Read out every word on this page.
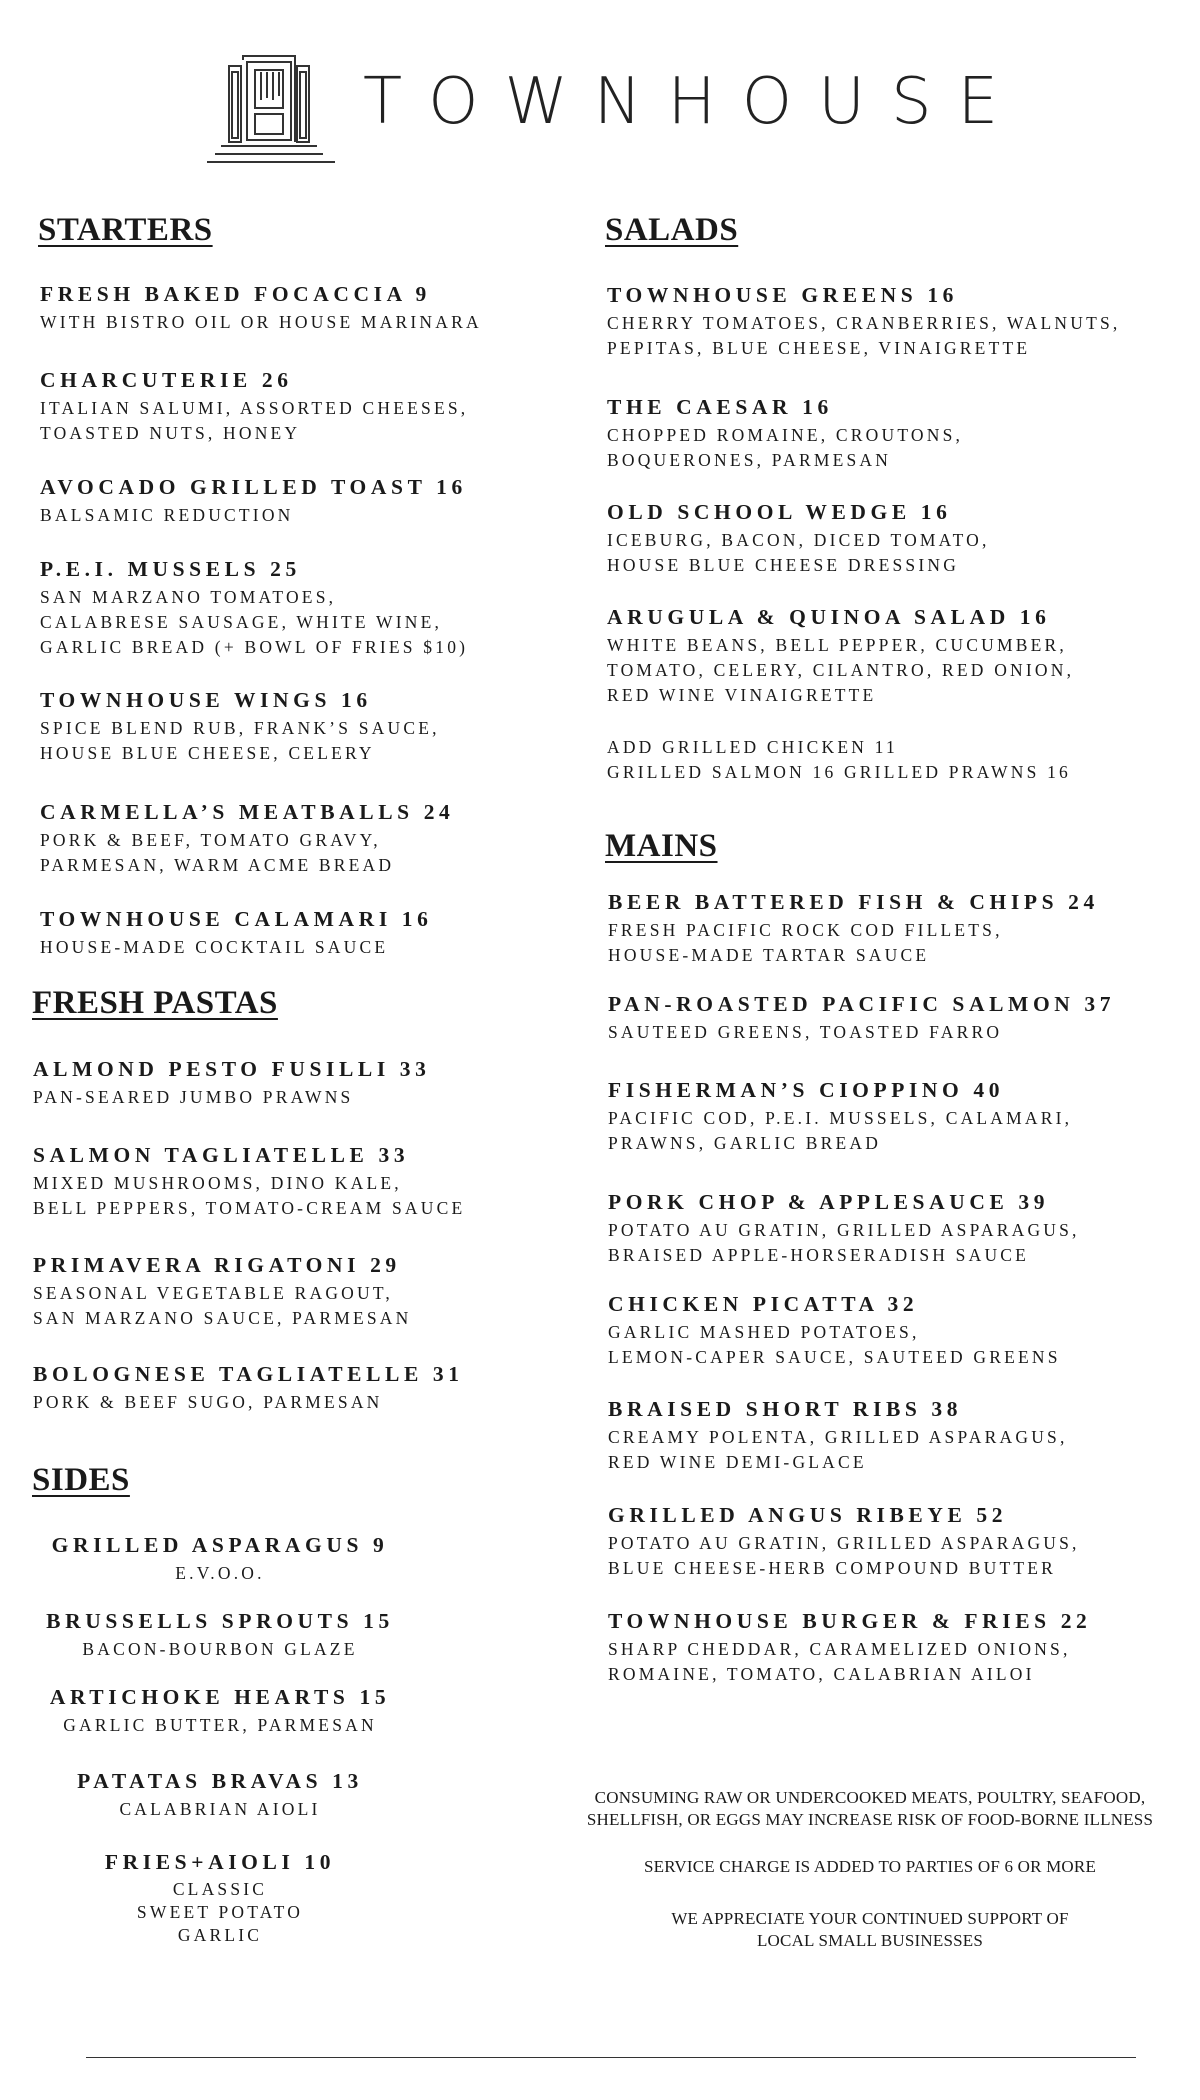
TOWNHOUSE
STARTERS
FRESH BAKED FOCACCIA 9
WITH BISTRO OIL OR HOUSE MARINARA
CHARCUTERIE 26
ITALIAN SALUMI, ASSORTED CHEESES,
TOASTED NUTS, HONEY
AVOCADO GRILLED TOAST 16
BALSAMIC REDUCTION
P.E.I. MUSSELS 25
SAN MARZANO TOMATOES,
CALABRESE SAUSAGE, WHITE WINE,
GARLIC BREAD (+ BOWL OF FRIES $10)
TOWNHOUSE WINGS 16
SPICE BLEND RUB, FRANK’S SAUCE,
HOUSE BLUE CHEESE, CELERY
CARMELLA’S MEATBALLS 24
PORK & BEEF, TOMATO GRAVY,
PARMESAN, WARM ACME BREAD
TOWNHOUSE CALAMARI 16
HOUSE-MADE COCKTAIL SAUCE
FRESH PASTAS
ALMOND PESTO FUSILLI 33
PAN-SEARED JUMBO PRAWNS
SALMON TAGLIATELLE 33
MIXED MUSHROOMS, DINO KALE,
BELL PEPPERS, TOMATO-CREAM SAUCE
PRIMAVERA RIGATONI 29
SEASONAL VEGETABLE RAGOUT,
SAN MARZANO SAUCE, PARMESAN
BOLOGNESE TAGLIATELLE 31
PORK & BEEF SUGO, PARMESAN
SIDES
GRILLED ASPARAGUS 9
E.V.O.O.
BRUSSELLS SPROUTS 15
BACON-BOURBON GLAZE
ARTICHOKE HEARTS 15
GARLIC BUTTER, PARMESAN
PATATAS BRAVAS 13
CALABRIAN AIOLI
FRIES+AIOLI 10
CLASSIC
SWEET POTATO
GARLIC
SALADS
TOWNHOUSE GREENS 16
CHERRY TOMATOES, CRANBERRIES, WALNUTS,
PEPITAS, BLUE CHEESE, VINAIGRETTE
THE CAESAR 16
CHOPPED ROMAINE, CROUTONS,
BOQUERONES, PARMESAN
OLD SCHOOL WEDGE 16
ICEBURG, BACON, DICED TOMATO,
HOUSE BLUE CHEESE DRESSING
ARUGULA & QUINOA SALAD 16
WHITE BEANS, BELL PEPPER, CUCUMBER,
TOMATO, CELERY, CILANTRO, RED ONION,
RED WINE VINAIGRETTE
ADD GRILLED CHICKEN 11
GRILLED SALMON 16 GRILLED PRAWNS 16
MAINS
BEER BATTERED FISH & CHIPS 24
FRESH PACIFIC ROCK COD FILLETS,
HOUSE-MADE TARTAR SAUCE
PAN-ROASTED PACIFIC SALMON 37
SAUTEED GREENS, TOASTED FARRO
FISHERMAN’S CIOPPINO 40
PACIFIC COD, P.E.I. MUSSELS, CALAMARI,
PRAWNS, GARLIC BREAD
PORK CHOP & APPLESAUCE 39
POTATO AU GRATIN, GRILLED ASPARAGUS,
BRAISED APPLE-HORSERADISH SAUCE
CHICKEN PICATTA 32
GARLIC MASHED POTATOES,
LEMON-CAPER SAUCE, SAUTEED GREENS
BRAISED SHORT RIBS 38
CREAMY POLENTA, GRILLED ASPARAGUS,
RED WINE DEMI-GLACE
GRILLED ANGUS RIBEYE 52
POTATO AU GRATIN, GRILLED ASPARAGUS,
BLUE CHEESE-HERB COMPOUND BUTTER
TOWNHOUSE BURGER & FRIES 22
SHARP CHEDDAR, CARAMELIZED ONIONS,
ROMAINE, TOMATO, CALABRIAN AILOI
CONSUMING RAW OR UNDERCOOKED MEATS, POULTRY, SEAFOOD,
SHELLFISH, OR EGGS MAY INCREASE RISK OF FOOD-BORNE ILLNESS
SERVICE CHARGE IS ADDED TO PARTIES OF 6 OR MORE
WE APPRECIATE YOUR CONTINUED SUPPORT OF
LOCAL SMALL BUSINESSES
